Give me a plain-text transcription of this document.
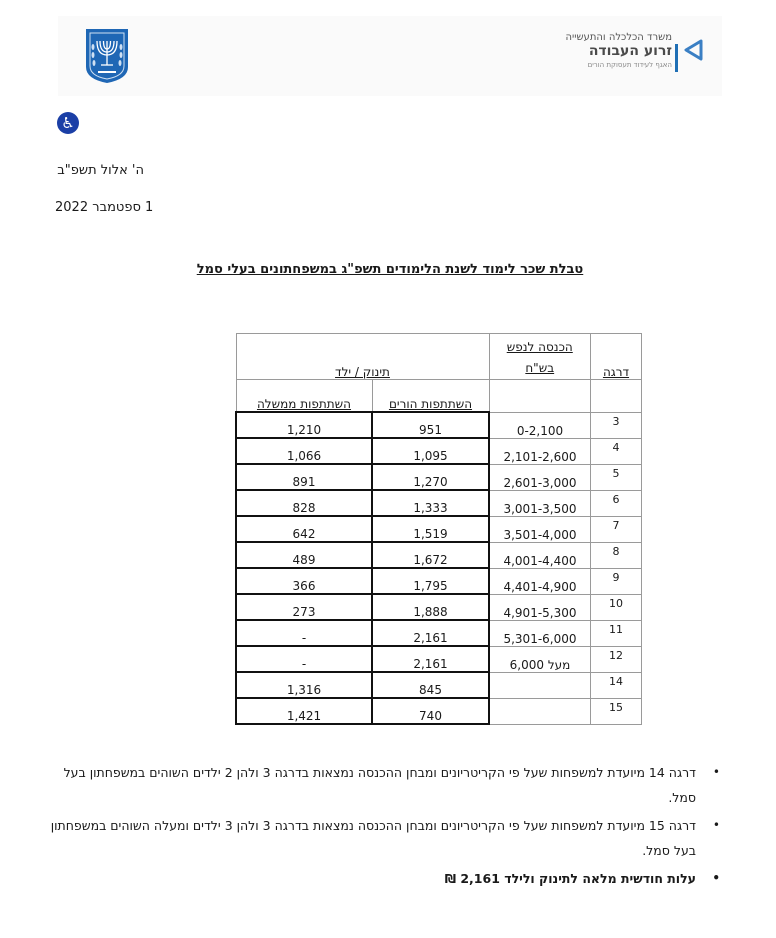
משרד הכלכלה והתעשייה
זרוע העבודה
האגף לעידוד תעסוקת הורים
♿
ה' אלול תשפ"ב
1 ספטמבר 2022
טבלת שכר לימוד לשנת הלימודים תשפ"ג במשפחתונים בעלי סמל
דרגה	הכנסה לנפש
בש"ח	תינוק / ילד	
		השתתפות הורים	השתתפות ממשלה
3	0-2,100	951	1,210
4	2,101-2,600	1,095	1,066
5	2,601-3,000	1,270	891
6	3,001-3,500	1,333	828
7	3,501-4,000	1,519	642
8	4,001-4,400	1,672	489
9	4,401-4,900	1,795	366
10	4,901-5,300	1,888	273
11	5,301-6,000	2,161	-
12	מעל 6,000	2,161	-
14		845	1,316
15		740	1,421
•
דרגה 14 מיועדת למשפחות שעל פי הקריטריונים ומבחן ההכנסה נמצאות בדרגה 3 ולהן 2 ילדים השוהים במשפחתון בעל סמל.
•
דרגה 15 מיועדת למשפחות שעל פי הקריטריונים ומבחן ההכנסה נמצאות בדרגה 3 ולהן 3 ילדים ומעלה השוהים במשפחתון בעל סמל.
•
עלות חודשית מלאה לתינוק ולילד 2,161 ₪
